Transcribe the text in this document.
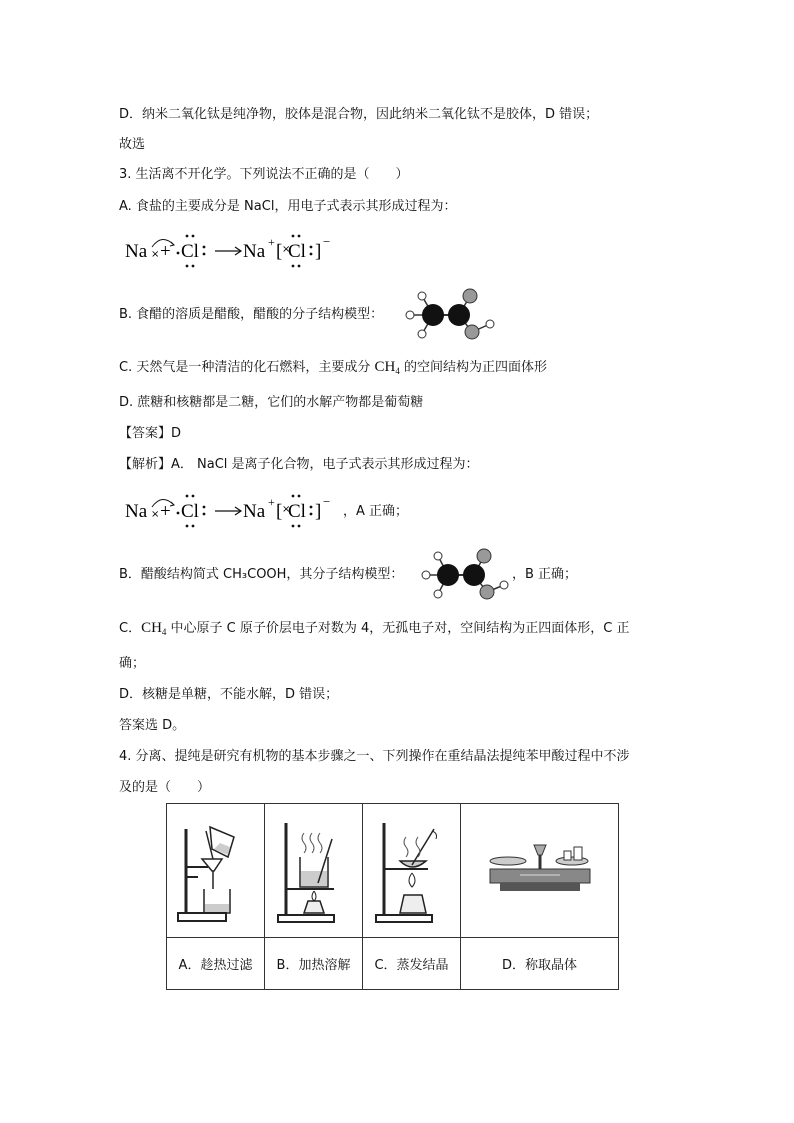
D．纳米二氧化钛是纯净物，胶体是混合物，因此纳米二氧化钛不是胶体，D 错误；
故选
3. 生活离不开化学。下列说法不正确的是（　　）
A. 食盐的主要成分是 NaCl，用电子式表示其形成过程为：
Na × + Cl Na + [ ×
Cl ] −
B. 食醋的溶质是醋酸，醋酸的分子结构模型：
C. 天然气是一种清洁的化石燃料，主要成分 $CH_4$ 的空间结构为正四面体形
D. 蔗糖和核糖都是二糖，它们的水解产物都是葡萄糖
【答案】D
【解析】A． NaCl 是离子化合物，电子式表示其形成过程为：
Na × + Cl Na + [ ×
Cl ] −
，A 正确；
B．醋酸结构简式 CH₃COOH，其分子结构模型：	，B 正确；
C．$CH_4$ 中心原子 C 原子价层电子对数为 4，无孤电子对，空间结构为正四面体形，C 正
确；
D．核糖是单糖，不能水解，D 错误；
答案选 D。
4. 分离、提纯是研究有机物的基本步骤之一、下列操作在重结晶法提纯苯甲酸过程中不涉
及的是（　　）

A．趁热过滤	B．加热溶解	C．蒸发结晶	D．称取晶体
